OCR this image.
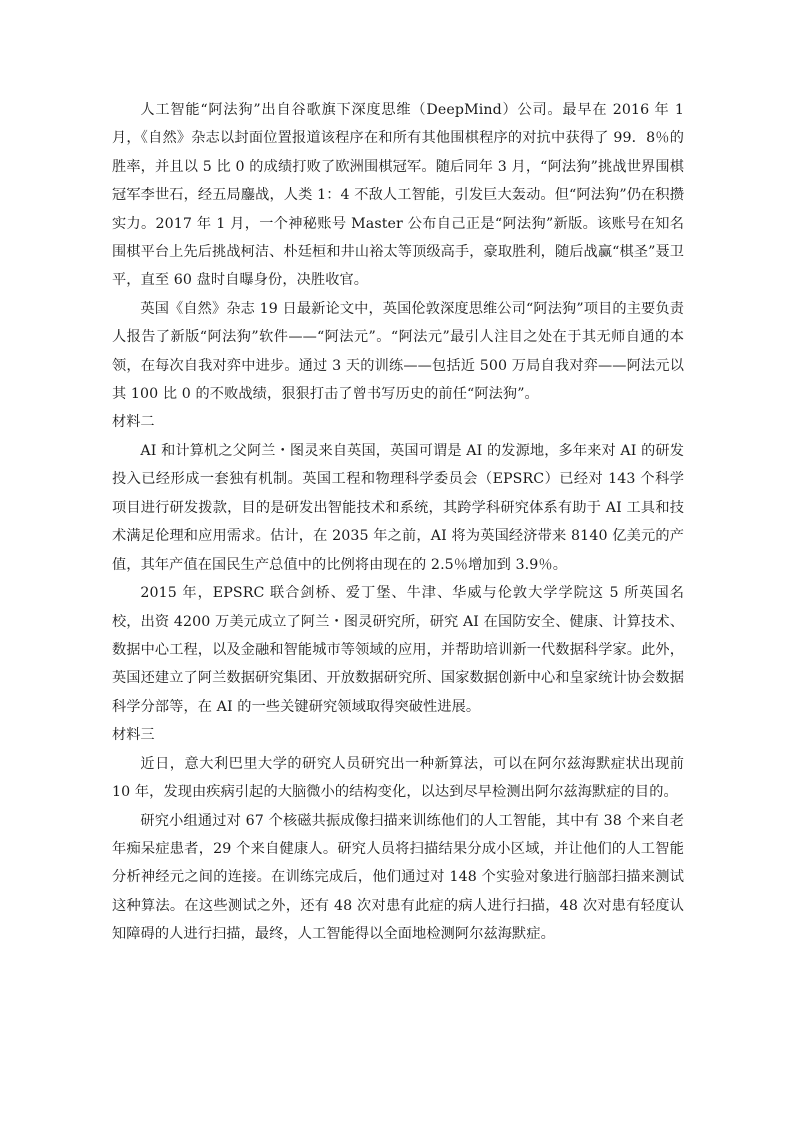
人工智能“阿法狗”出自谷歌旗下深度思维（DeepMind）公司。最早在 2016 年 1 月，《自然》杂志以封面位置报道该程序在和所有其他围棋程序的对抗中获得了 99．8％的胜率，并且以 5 比 0 的成绩打败了欧洲围棋冠军。随后同年 3 月，“阿法狗”挑战世界围棋冠军李世石，经五局鏖战，人类 1：4 不敌人工智能，引发巨大轰动。但“阿法狗”仍在积攒实力。2017 年 1 月，一个神秘账号 Master 公布自己正是“阿法狗”新版。该账号在知名围棋平台上先后挑战柯洁、朴廷桓和井山裕太等顶级高手，豪取胜利，随后战赢“棋圣”聂卫平，直至 60 盘时自曝身份，决胜收官。

英国《自然》杂志 19 日最新论文中，英国伦敦深度思维公司“阿法狗”项目的主要负责人报告了新版“阿法狗”软件——“阿法元”。“阿法元”最引人注目之处在于其无师自通的本领，在每次自我对弈中进步。通过 3 天的训练——包括近 500 万局自我对弈——阿法元以其 100 比 0 的不败战绩，狠狠打击了曾书写历史的前任“阿法狗”。

材料二

AI 和计算机之父阿兰・图灵来自英国，英国可谓是 AI 的发源地，多年来对 AI 的研发投入已经形成一套独有机制。英国工程和物理科学委员会（EPSRC）已经对 143 个科学项目进行研发拨款，目的是研发出智能技术和系统，其跨学科研究体系有助于 AI 工具和技术满足伦理和应用需求。估计，在 2035 年之前，AI 将为英国经济带来 8140 亿美元的产值，其年产值在国民生产总值中的比例将由现在的 2.5％增加到 3.9％。

2015 年，EPSRC 联合剑桥、爱丁堡、牛津、华威与伦敦大学学院这 5 所英国名校，出资 4200 万美元成立了阿兰・图灵研究所，研究 AI 在国防安全、健康、计算技术、数据中心工程，以及金融和智能城市等领域的应用，并帮助培训新一代数据科学家。此外，英国还建立了阿兰数据研究集团、开放数据研究所、国家数据创新中心和皇家统计协会数据科学分部等，在 AI 的一些关键研究领域取得突破性进展。

材料三

近日，意大利巴里大学的研究人员研究出一种新算法，可以在阿尔兹海默症状出现前 10 年，发现由疾病引起的大脑微小的结构变化，以达到尽早检测出阿尔兹海默症的目的。

研究小组通过对 67 个核磁共振成像扫描来训练他们的人工智能，其中有 38 个来自老年痴呆症患者，29 个来自健康人。研究人员将扫描结果分成小区域，并让他们的人工智能分析神经元之间的连接。在训练完成后，他们通过对 148 个实验对象进行脑部扫描来测试这种算法。在这些测试之外，还有 48 次对患有此症的病人进行扫描，48 次对患有轻度认知障碍的人进行扫描，最终，人工智能得以全面地检测阿尔兹海默症。
